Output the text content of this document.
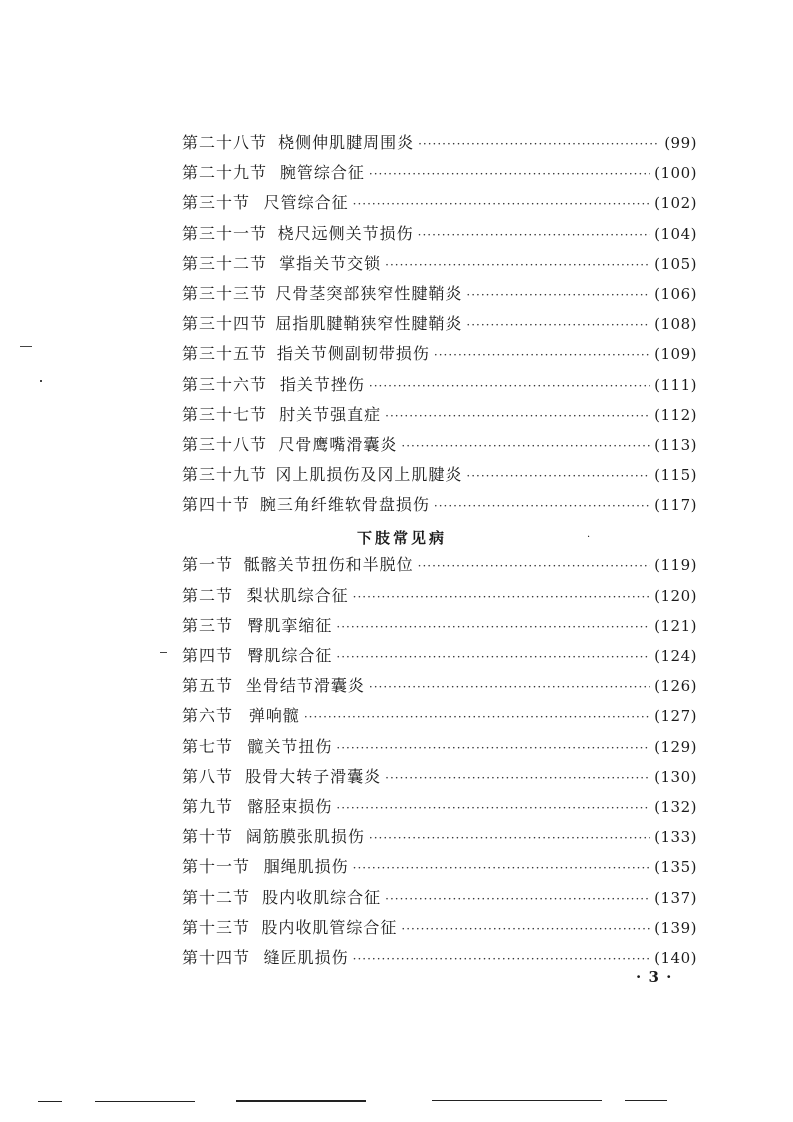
第二十八节 桡侧伸肌腱周围炎 ·····	(99)
第二十九节 腕管综合征 ·····	(100)
第三十节 尺管综合征 ·····	(102)
第三十一节 桡尺远侧关节损伤 ·····	(104)
第三十二节 掌指关节交锁 ·····	(105)
第三十三节 尺骨茎突部狭窄性腱鞘炎 ·····	(106)
第三十四节 屈指肌腱鞘狭窄性腱鞘炎 ·····	(108)
第三十五节 指关节侧副韧带损伤 ·····	(109)
第三十六节 指关节挫伤 ·····	(111)
第三十七节 肘关节强直症 ·····	(112)
第三十八节 尺骨鹰嘴滑囊炎 ·····	(113)
第三十九节 冈上肌损伤及冈上肌腱炎 ·····	(115)
第四十节 腕三角纤维软骨盘损伤 ·····	(117)
下肢常见病	·
第一节 骶髂关节扭伤和半脱位 ·····	(119)
第二节 梨状肌综合征 ·····	(120)
第三节 臀肌挛缩征 ·····	(121)
第四节 臀肌综合征 ·····	(124)
第五节 坐骨结节滑囊炎 ·····	(126)
第六节 弹响髋 ·····	(127)
第七节 髋关节扭伤 ·····	(129)
第八节 股骨大转子滑囊炎 ·····	(130)
第九节 髂胫束损伤 ·····	(132)
第十节 阔筋膜张肌损伤 ·····	(133)
第十一节 腘绳肌损伤 ·····	(135)
第十二节 股内收肌综合征 ·····	(137)
第十三节 股内收肌管综合征 ·····	(139)
第十四节 缝匠肌损伤 ·····	(140)
· 3 ·
